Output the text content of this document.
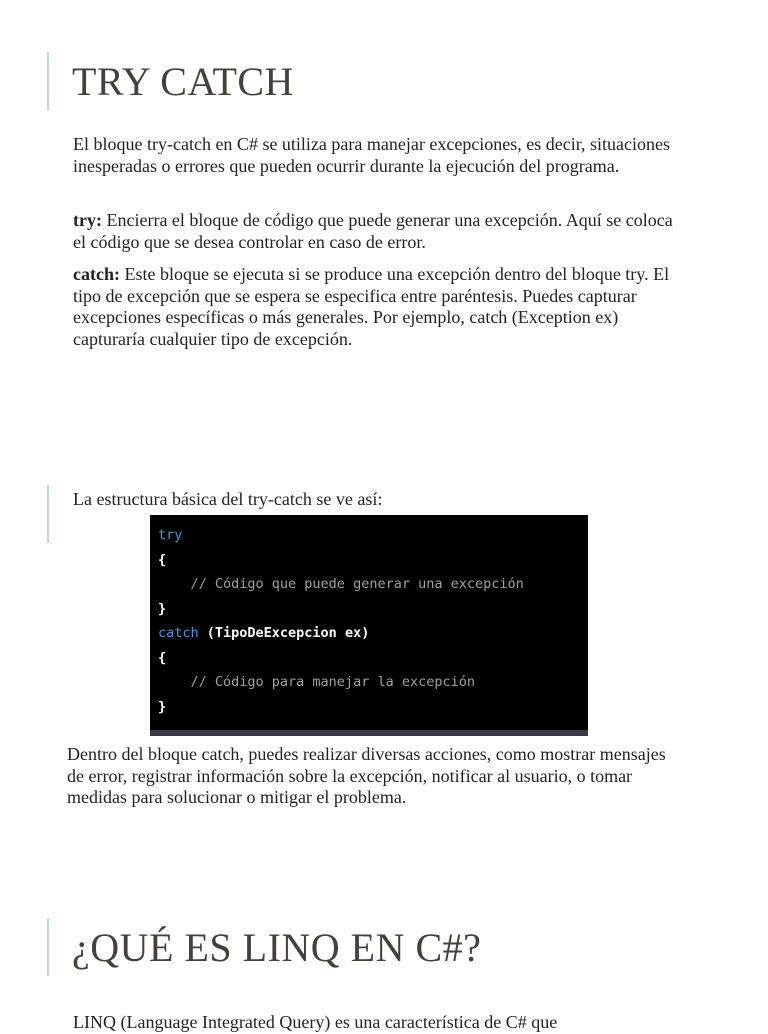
TRY CATCH

El bloque try-catch en C# se utiliza para manejar excepciones, es decir, situaciones inesperadas o errores que pueden ocurrir durante la ejecución del programa.

try: Encierra el bloque de código que puede generar una excepción. Aquí se coloca el código que se desea controlar en caso de error.

catch: Este bloque se ejecuta si se produce una excepción dentro del bloque try. El tipo de excepción que se espera se especifica entre paréntesis. Puedes capturar excepciones específicas o más generales. Por ejemplo, catch (Exception ex) capturaría cualquier tipo de excepción.

La estructura básica del try-catch se ve así:

try
{
// Código que puede generar una excepción
}
catch (TipoDeExcepcion ex)
{
// Código para manejar la excepción
}

Dentro del bloque catch, puedes realizar diversas acciones, como mostrar mensajes de error, registrar información sobre la excepción, notificar al usuario, o tomar medidas para solucionar o mitigar el problema.

¿QUÉ ES LINQ EN C#?

LINQ (Language Integrated Query) es una característica de C# que
